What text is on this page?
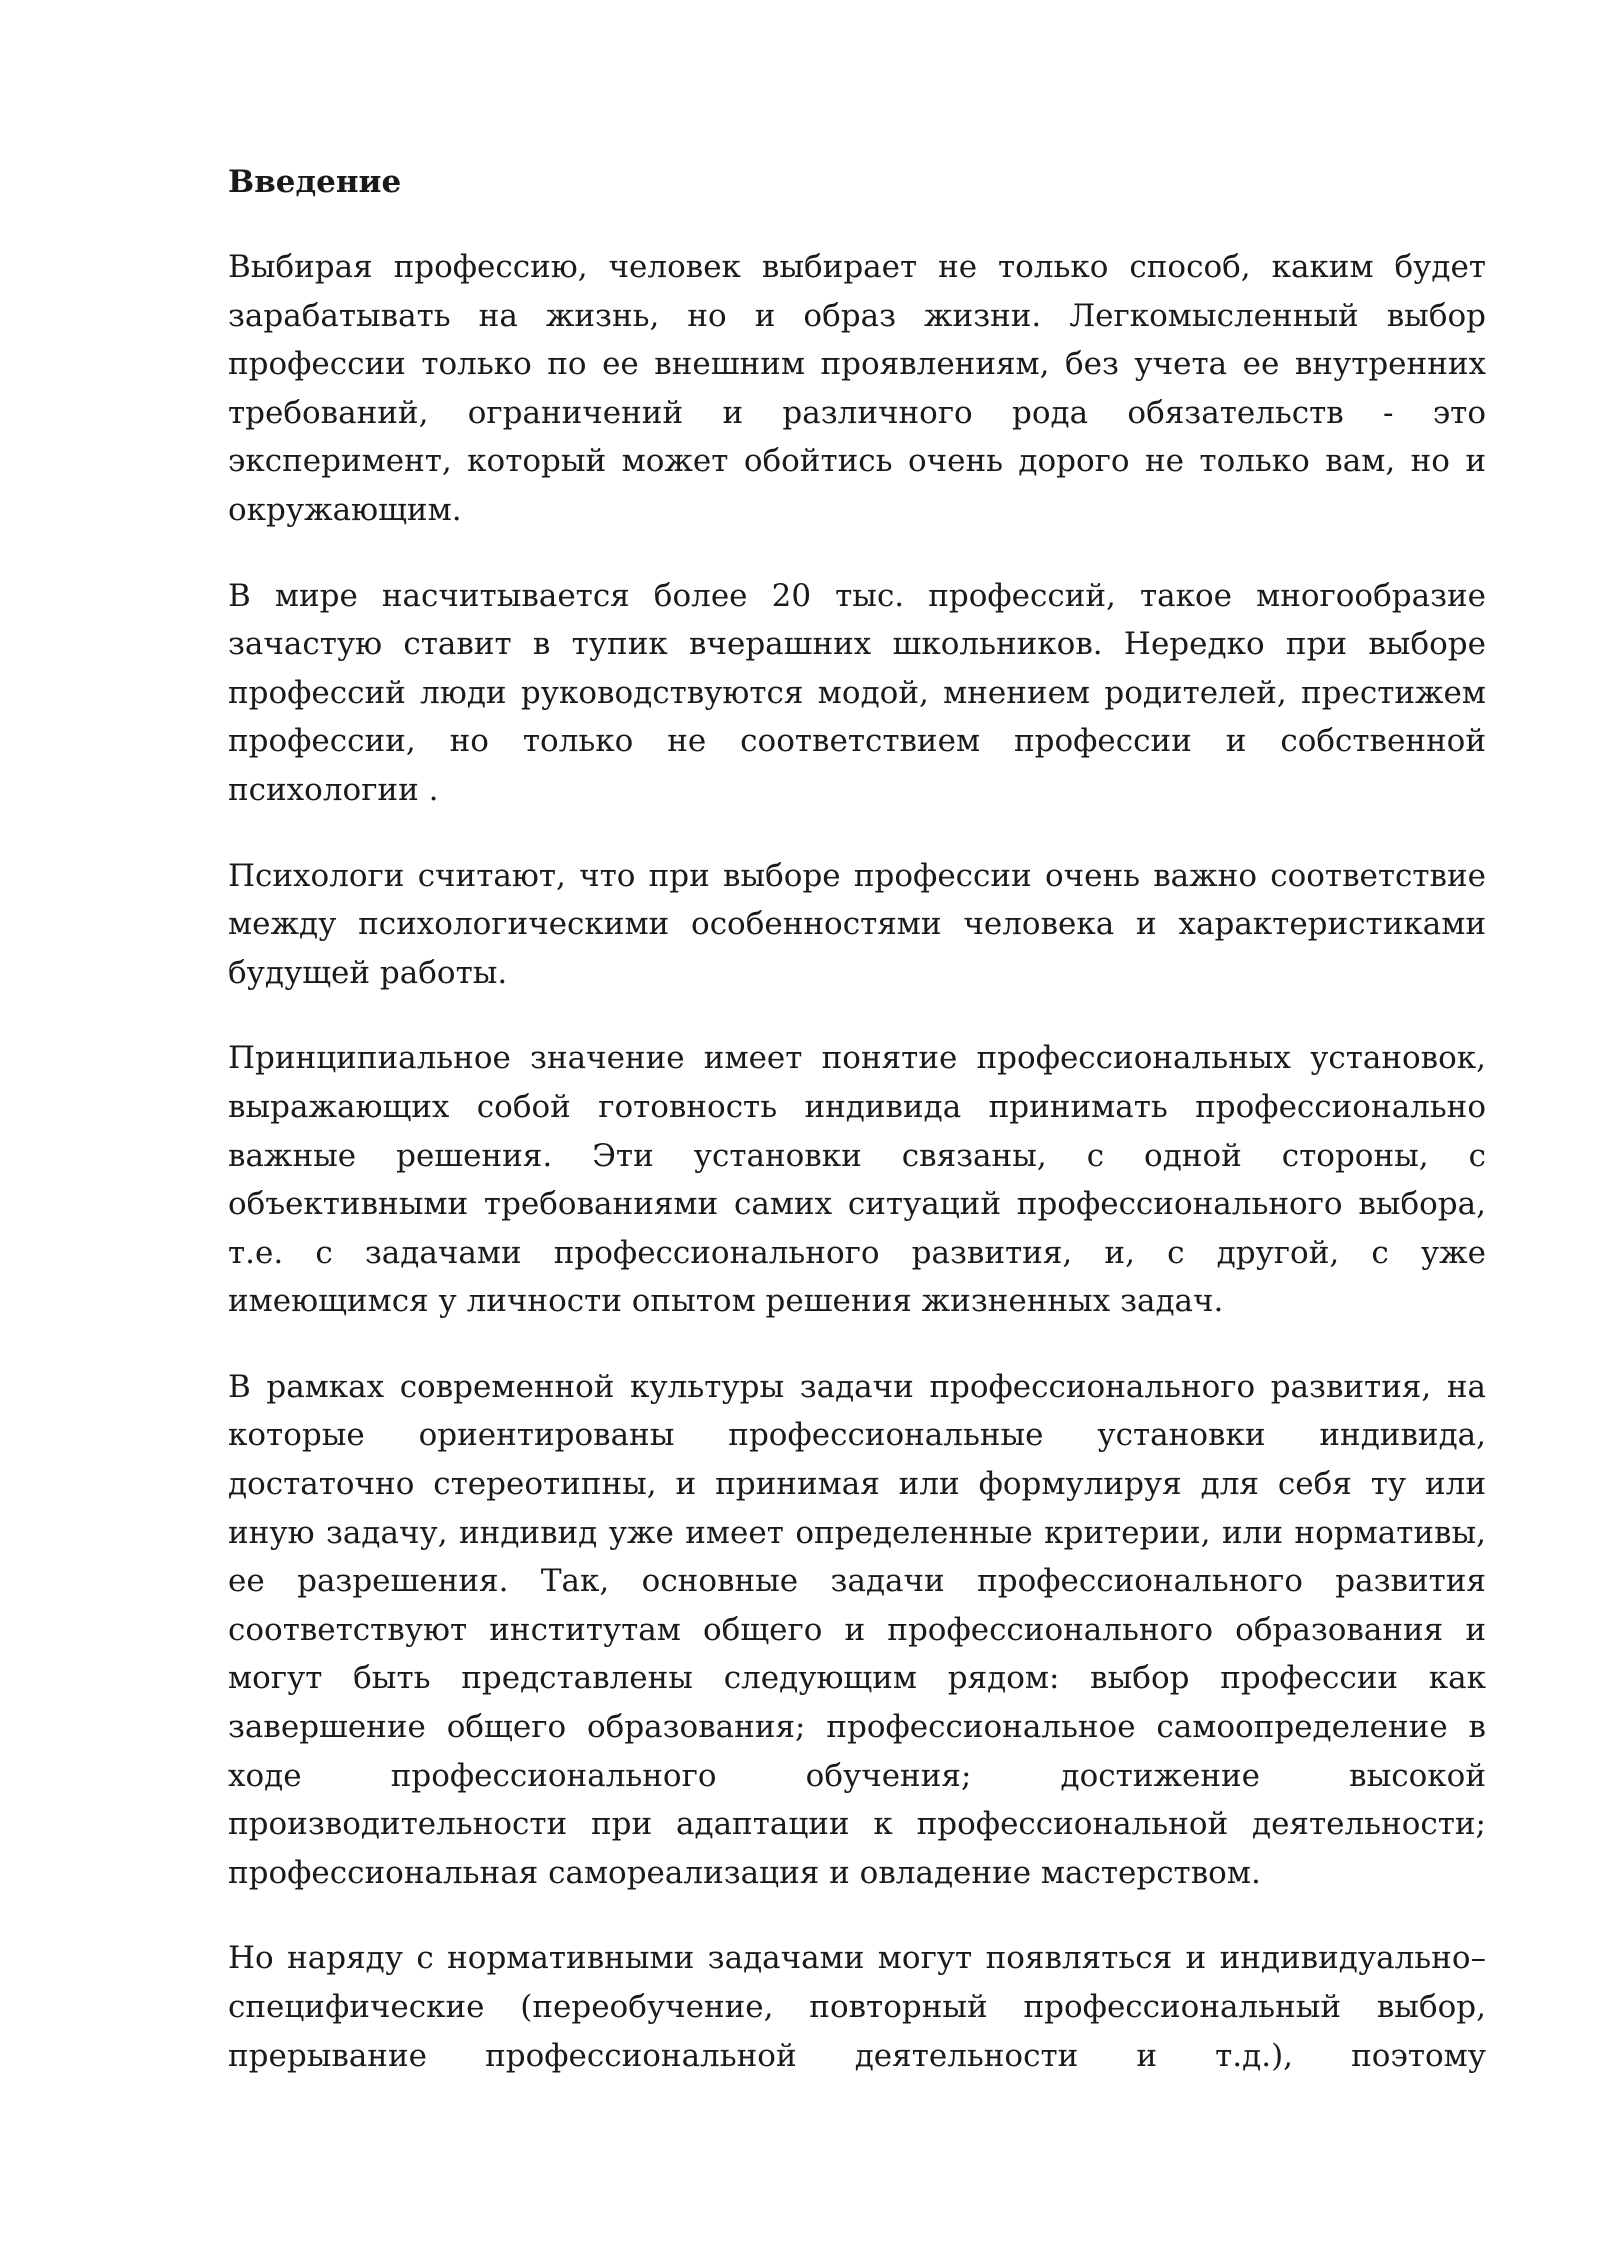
Введение

Выбирая профессию, человек выбирает не только способ, каким будет зарабатывать на жизнь, но и образ жизни. Легкомысленный выбор профессии только по ее внешним проявлениям, без учета ее внутренних требований, ограничений и различного рода обязательств - это эксперимент, который может обойтись очень дорого не только вам, но и окружающим.

В мире насчитывается более 20 тыс. профессий, такое многообразие зачастую ставит в тупик вчерашних школьников. Нередко при выборе профессий люди руководствуются модой, мнением родителей, престижем профессии, но только не соответствием профессии и собственной психологии .

Психологи считают, что при выборе профессии очень важно соответствие между психологическими особенностями человека и характеристиками будущей работы.

Принципиальное значение имеет понятие профессиональных установок, выражающих собой готовность индивида принимать профессионально важные решения. Эти установки связаны, с одной стороны, с объективными требованиями самих ситуаций профессионального выбора, т.е. с задачами профессионального развития, и, с другой, с уже имеющимся у личности опытом решения жизненных задач.

В рамках современной культуры задачи профессионального развития, на которые ориентированы профессиональные установки индивида, достаточно стереотипны, и принимая или формулируя для себя ту или иную задачу, индивид уже имеет определенные критерии, или нормативы, ее разрешения. Так, основные задачи профессионального развития соответствуют институтам общего и профессионального образования и могут быть представлены следующим рядом: выбор профессии как завершение общего образования; профессиональное самоопределение в ходе профессионального обучения; достижение высокой производительности при адаптации к профессиональной деятельности; профессиональная самореализация и овладение мастерством.

Но наряду с нормативными задачами могут появляться и индивидуально–специфические (переобучение, повторный профессиональный выбор, прерывание профессиональной деятельности и т.д.), поэтому
